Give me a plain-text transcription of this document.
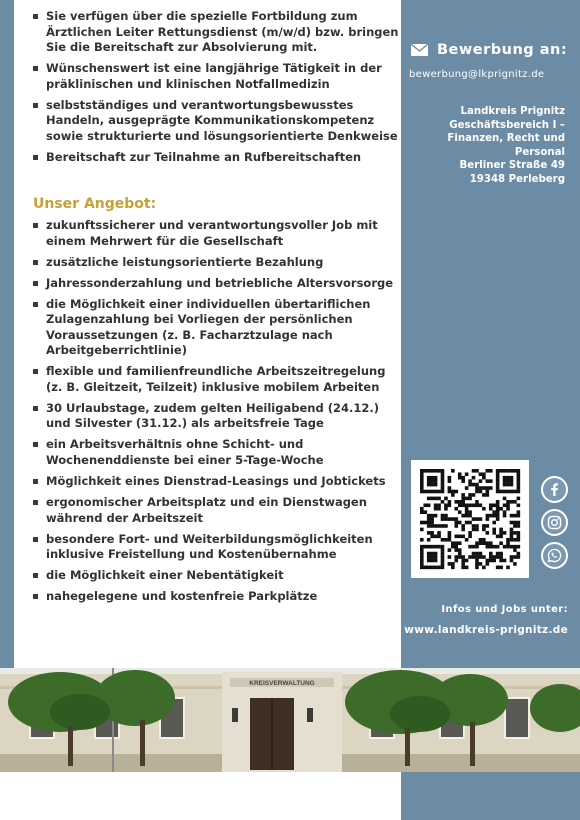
Sie verfügen über die spezielle Fortbildung zum Ärztlichen Leiter Rettungsdienst (m/w/d) bzw. bringen Sie die Bereitschaft zur Absolvierung mit.
Wünschenswert ist eine langjährige Tätigkeit in der präklinischen und klinischen Notfallmedizin
selbstständiges und verantwortungsbewusstes Handeln, ausgeprägte Kommunikationskompetenz sowie strukturierte und lösungsorientierte Denkweise
Bereitschaft zur Teilnahme an Rufbereitschaften
Unser Angebot:
zukunftssicherer und verantwortungsvoller Job mit einem Mehrwert für die Gesellschaft
zusätzliche leistungsorientierte Bezahlung
Jahressonderzahlung und betriebliche Altersvorsorge
die Möglichkeit einer individuellen übertariflichen Zulagenzahlung bei Vorliegen der persönlichen Voraussetzungen (z. B. Facharztzulage nach Arbeitgeberrichtlinie)
flexible und familienfreundliche Arbeitszeitregelung (z. B. Gleitzeit, Teilzeit) inklusive mobilem Arbeiten
30 Urlaubstage, zudem gelten Heiligabend (24.12.) und Silvester (31.12.) als arbeitsfreie Tage
ein Arbeitsverhältnis ohne Schicht- und Wochenenddienste bei einer 5-Tage-Woche
Möglichkeit eines Dienstrad-Leasings und Jobtickets
ergonomischer Arbeitsplatz und ein Dienstwagen während der Arbeitszeit
besondere Fort- und Weiterbildungsmöglichkeiten inklusive Freistellung und Kostenübernahme
die Möglichkeit einer Nebentätigkeit
nahegelegene und kostenfreie Parkplätze
Bewerbung an:
bewerbung@lkprignitz.de
Landkreis Prignitz
Geschäftsbereich I –
Finanzen, Recht und
Personal
Berliner Straße 49
19348 Perleberg
Infos und Jobs unter:
www.landkreis-prignitz.de
KREISVERWALTUNG
